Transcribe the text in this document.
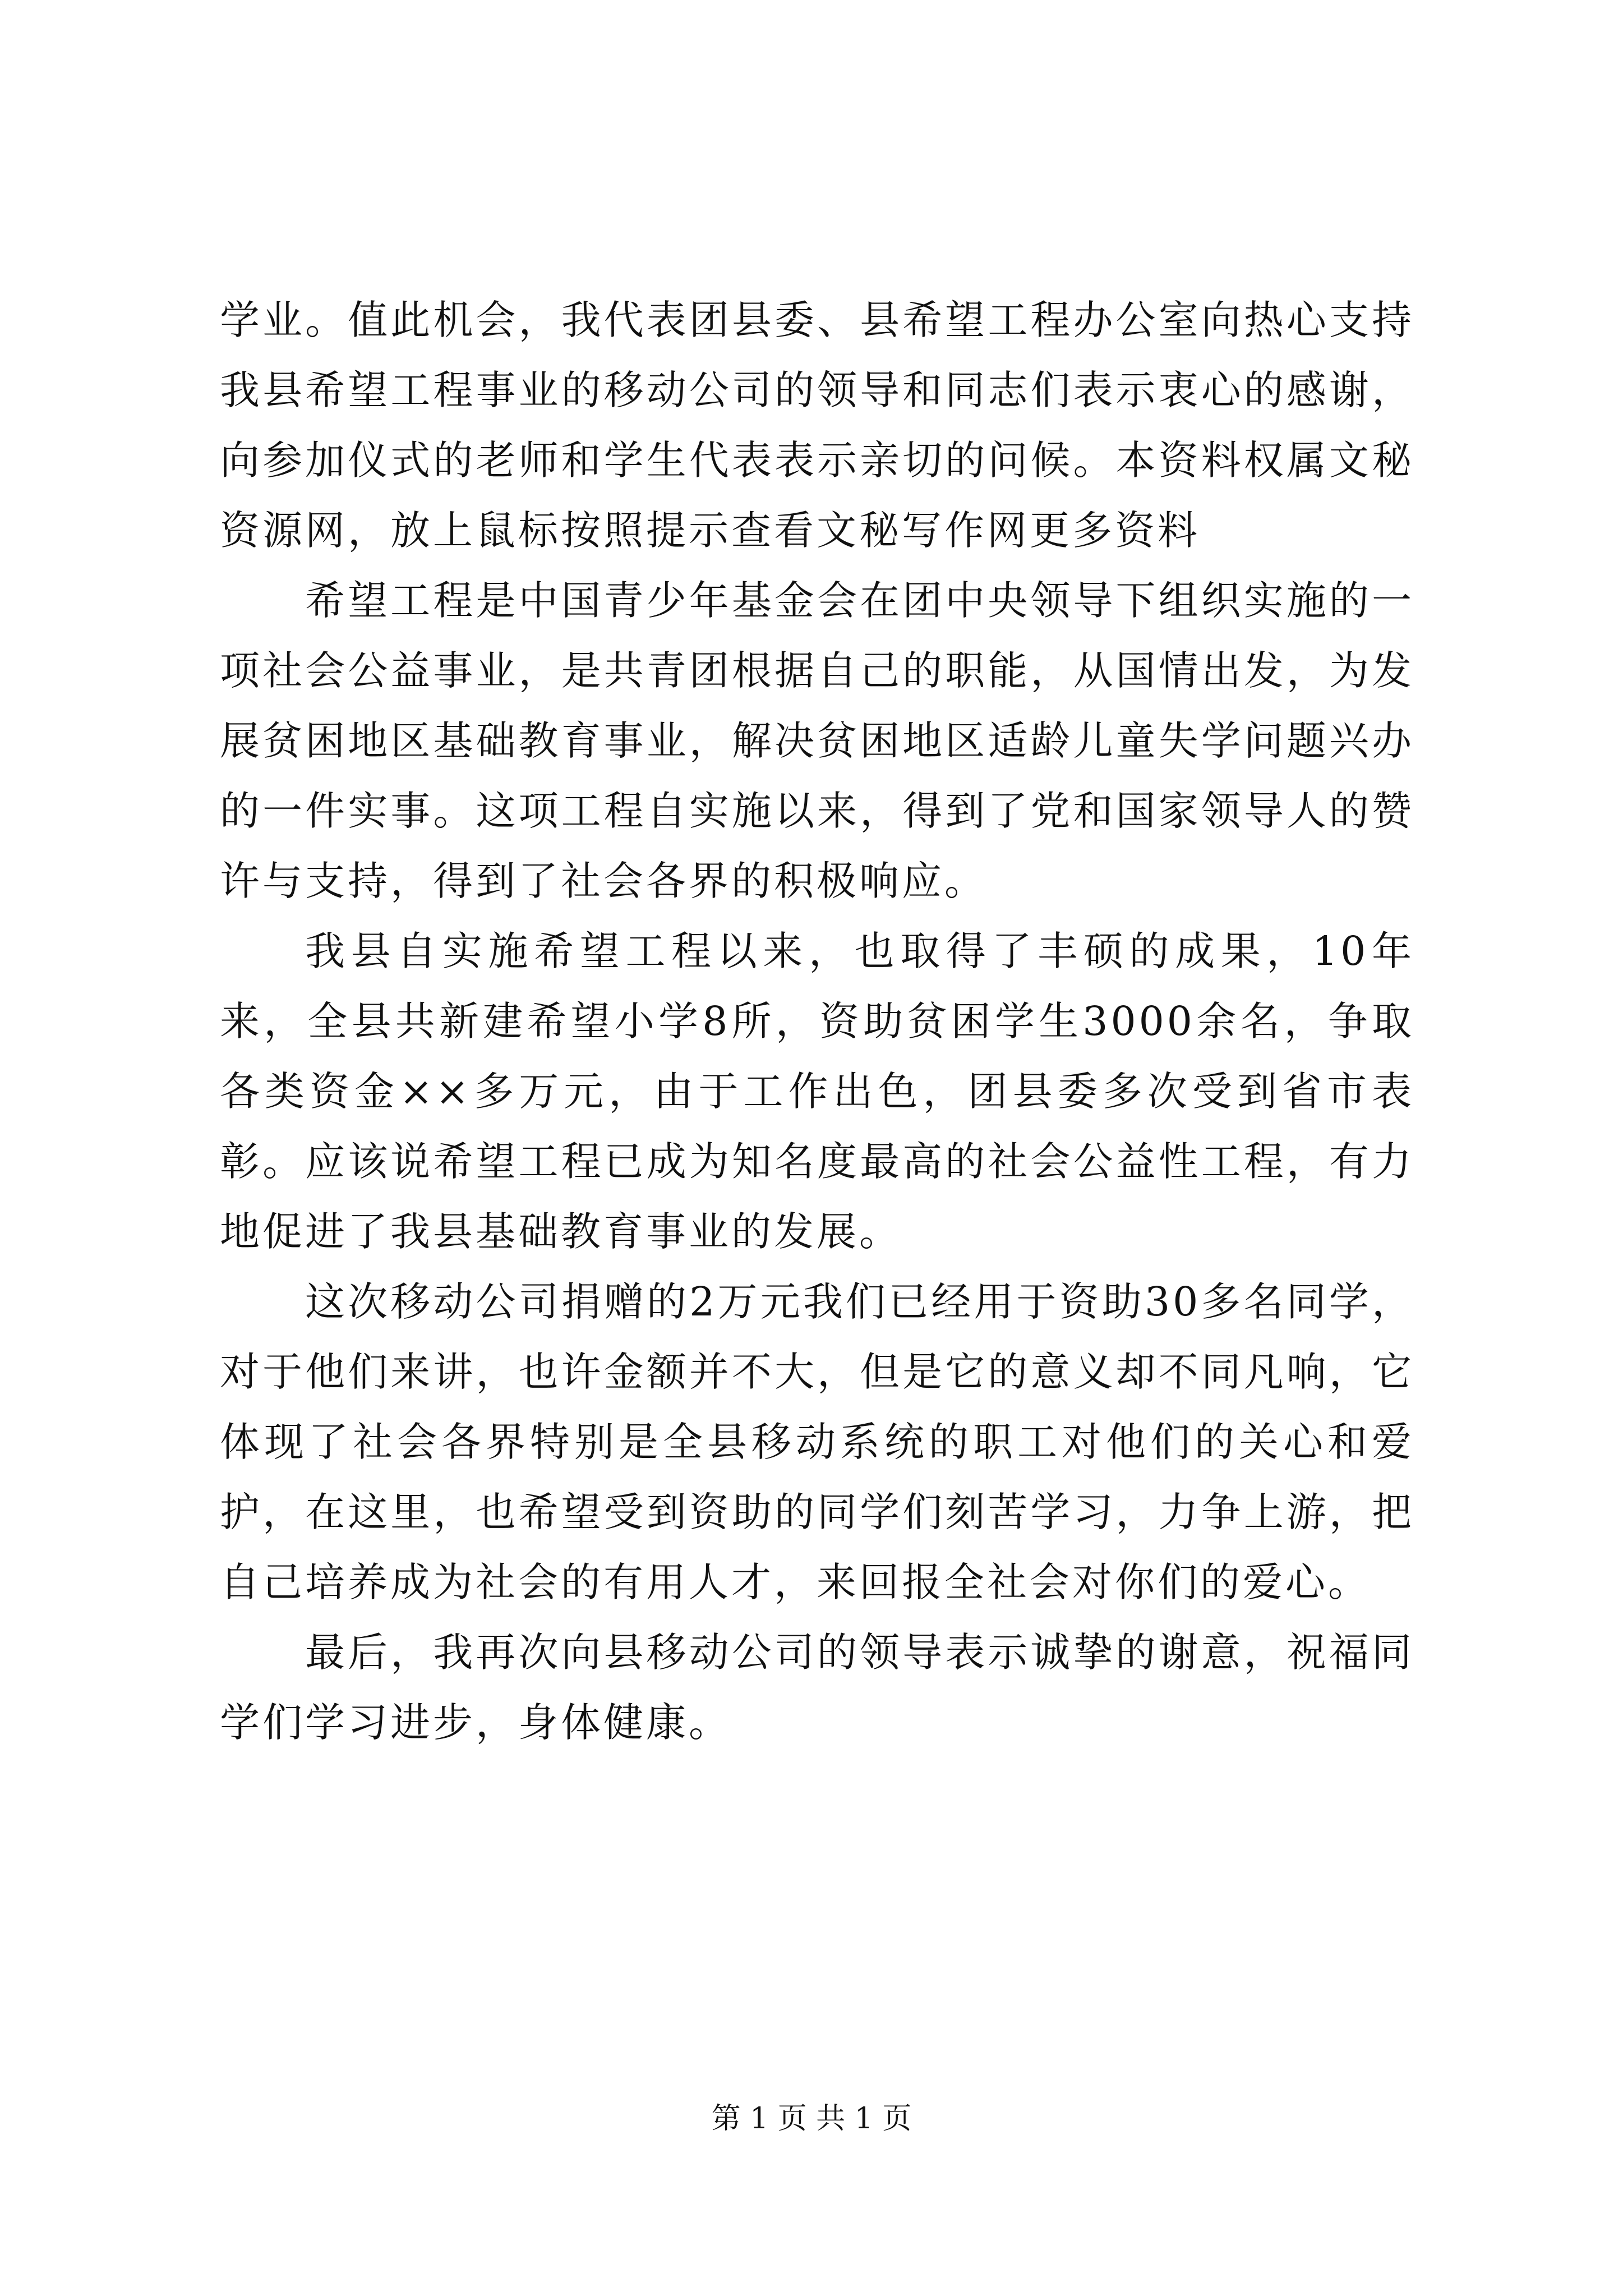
学业。值此机会，我代表团县委、县希望工程办公室向热心支持我县希望工程事业的移动公司的领导和同志们表示衷心的感谢，向参加仪式的老师和学生代表表示亲切的问候。本资料权属文秘资源网，放上鼠标按照提示查看文秘写作网更多资料

希望工程是中国青少年基金会在团中央领导下组织实施的一项社会公益事业，是共青团根据自己的职能，从国情出发，为发展贫困地区基础教育事业，解决贫困地区适龄儿童失学问题兴办的一件实事。这项工程自实施以来，得到了党和国家领导人的赞许与支持，得到了社会各界的积极响应。

我县自实施希望工程以来，也取得了丰硕的成果，10年来，全县共新建希望小学8所，资助贫困学生3000余名，争取各类资金××多万元，由于工作出色，团县委多次受到省市表彰。应该说希望工程已成为知名度最高的社会公益性工程，有力地促进了我县基础教育事业的发展。

这次移动公司捐赠的2万元我们已经用于资助30多名同学，对于他们来讲，也许金额并不大，但是它的意义却不同凡响，它体现了社会各界特别是全县移动系统的职工对他们的关心和爱护，在这里，也希望受到资助的同学们刻苦学习，力争上游，把自己培养成为社会的有用人才，来回报全社会对你们的爱心。

最后，我再次向县移动公司的领导表示诚挚的谢意，祝福同学们学习进步，身体健康。

第 1 页 共 1 页
